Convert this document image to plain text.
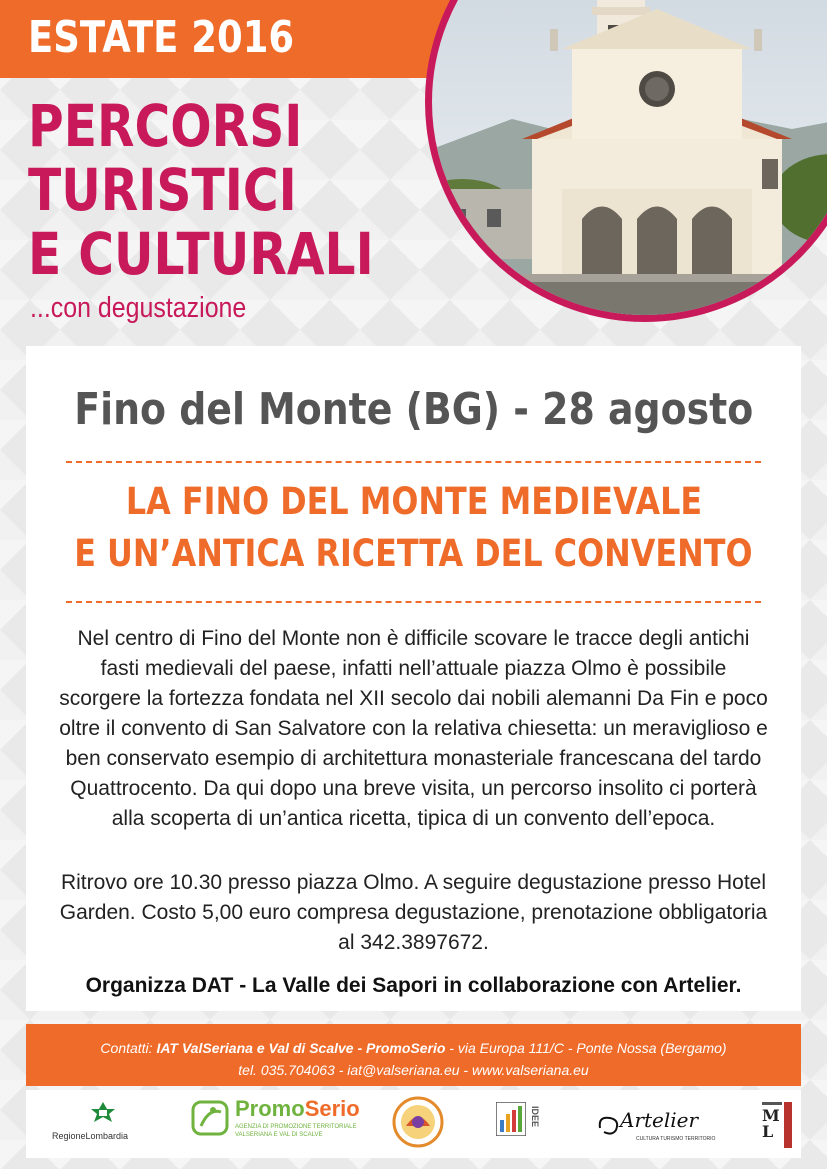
ESTATE 2016
PERCORSI
TURISTICI
E CULTURALI
...con degustazione
Fino del Monte (BG) - 28 agosto
LA FINO DEL MONTE MEDIEVALE
E UN’ANTICA RICETTA DEL CONVENTO
Nel centro di Fino del Monte non è difficile scovare le tracce degli antichi
fasti medievali del paese, infatti nell’attuale piazza Olmo è possibile
scorgere la fortezza fondata nel XII secolo dai nobili alemanni Da Fin e poco
oltre il convento di San Salvatore con la relativa chiesetta: un meraviglioso e
ben conservato esempio di architettura monasteriale francescana del tardo
Quattrocento. Da qui dopo una breve visita, un percorso insolito ci porterà
alla scoperta di un’antica ricetta, tipica di un convento dell’epoca.
Ritrovo ore 10.30 presso piazza Olmo. A seguire degustazione presso Hotel
Garden. Costo 5,00 euro compresa degustazione, prenotazione obbligatoria
al 342.3897672.
Organizza DAT - La Valle dei Sapori in collaborazione con Artelier.
Contatti: IAT ValSeriana e Val di Scalve - PromoSerio - via Europa 111/C - Ponte Nossa (Bergamo)
tel. 035.704063 - iat@valseriana.eu - www.valseriana.eu
RegioneLombardia
PromoSerio
AGENZIA DI PROMOZIONE TERRITORIALE
VALSERIANA E VAL DI SCALVE
IDEE	Artelier
CULTURA TURISMO TERRITORIO
ML
